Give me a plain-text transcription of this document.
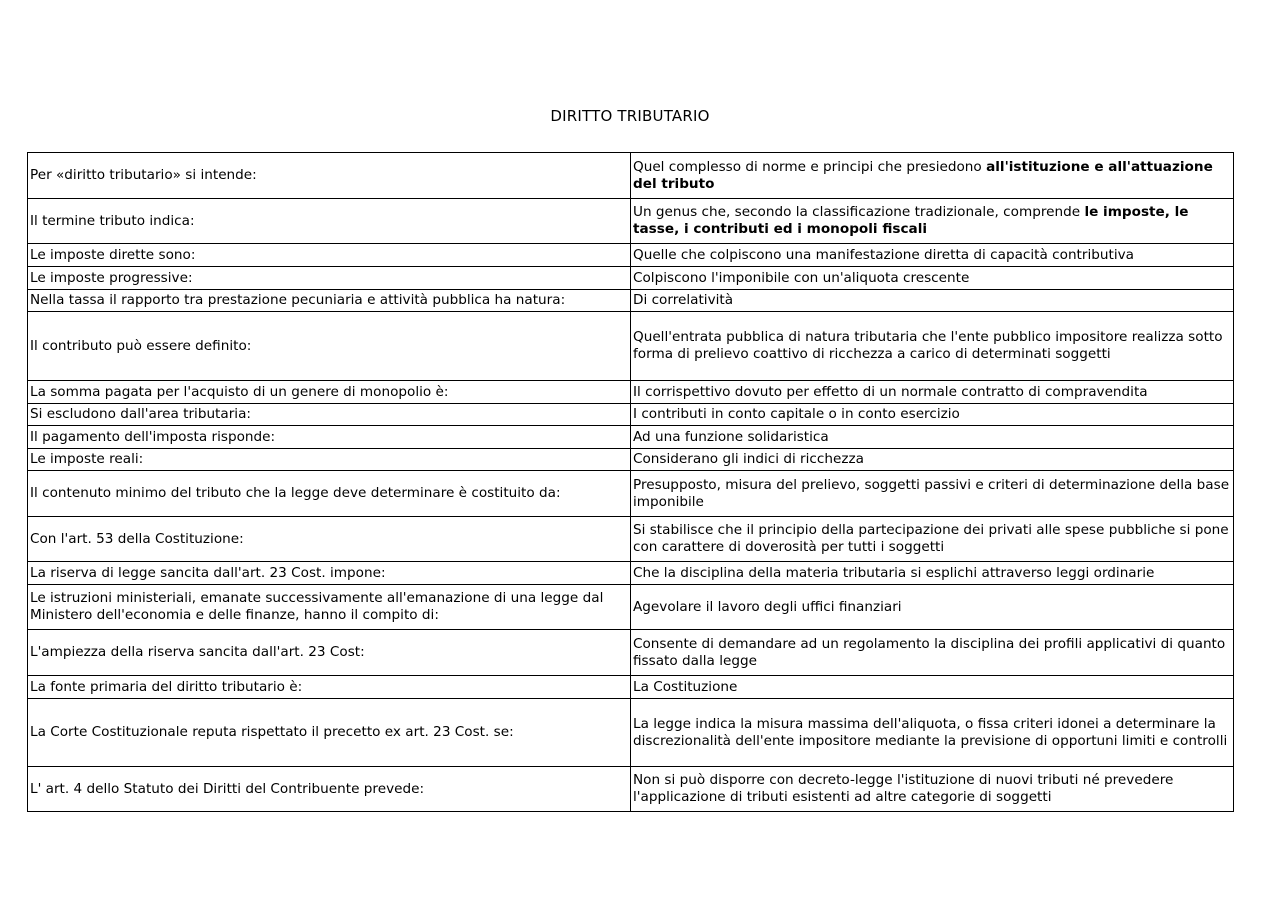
DIRITTO TRIBUTARIO
Per «diritto tributario» si intende:	Quel complesso di norme e principi che presiedono all'istituzione e all'attuazione del tributo
Il termine tributo indica:	Un genus che, secondo la classificazione tradizionale, comprende le imposte, le tasse, i contributi ed i monopoli fiscali
Le imposte dirette sono:	Quelle che colpiscono una manifestazione diretta di capacità contributiva
Le imposte progressive:	Colpiscono l'imponibile con un'aliquota crescente
Nella tassa il rapporto tra prestazione pecuniaria e attività pubblica ha natura:	Di correlatività
Il contributo può essere definito:	Quell'entrata pubblica di natura tributaria che l'ente pubblico impositore realizza sotto forma di prelievo coattivo di ricchezza a carico di determinati soggetti
La somma pagata per l'acquisto di un genere di monopolio è:	Il corrispettivo dovuto per effetto di un normale contratto di compravendita
Si escludono dall'area tributaria:	I contributi in conto capitale o in conto esercizio
Il pagamento dell'imposta risponde:	Ad una funzione solidaristica
Le imposte reali:	Considerano gli indici di ricchezza
Il contenuto minimo del tributo che la legge deve determinare è costituito da:	Presupposto, misura del prelievo, soggetti passivi e criteri di determinazione della base imponibile
Con l'art. 53 della Costituzione:	Si stabilisce che il principio della partecipazione dei privati alle spese pubbliche si pone con carattere di doverosità per tutti i soggetti
La riserva di legge sancita dall'art. 23 Cost. impone:	Che la disciplina della materia tributaria si esplichi attraverso leggi ordinarie
Le istruzioni ministeriali, emanate successivamente all'emanazione di una legge dal Ministero dell'economia e delle finanze, hanno il compito di:	Agevolare il lavoro degli uffici finanziari
L'ampiezza della riserva sancita dall'art. 23 Cost:	Consente di demandare ad un regolamento la disciplina dei profili applicativi di quanto fissato dalla legge
La fonte primaria del diritto tributario è:	La Costituzione
La Corte Costituzionale reputa rispettato il precetto ex art. 23 Cost. se:	La legge indica la misura massima dell'aliquota, o fissa criteri idonei a determinare la discrezionalità dell'ente impositore mediante la previsione di opportuni limiti e controlli
L' art. 4 dello Statuto dei Diritti del Contribuente prevede:	Non si può disporre con decreto-legge l'istituzione di nuovi tributi né prevedere l'applicazione di tributi esistenti ad altre categorie di soggetti
